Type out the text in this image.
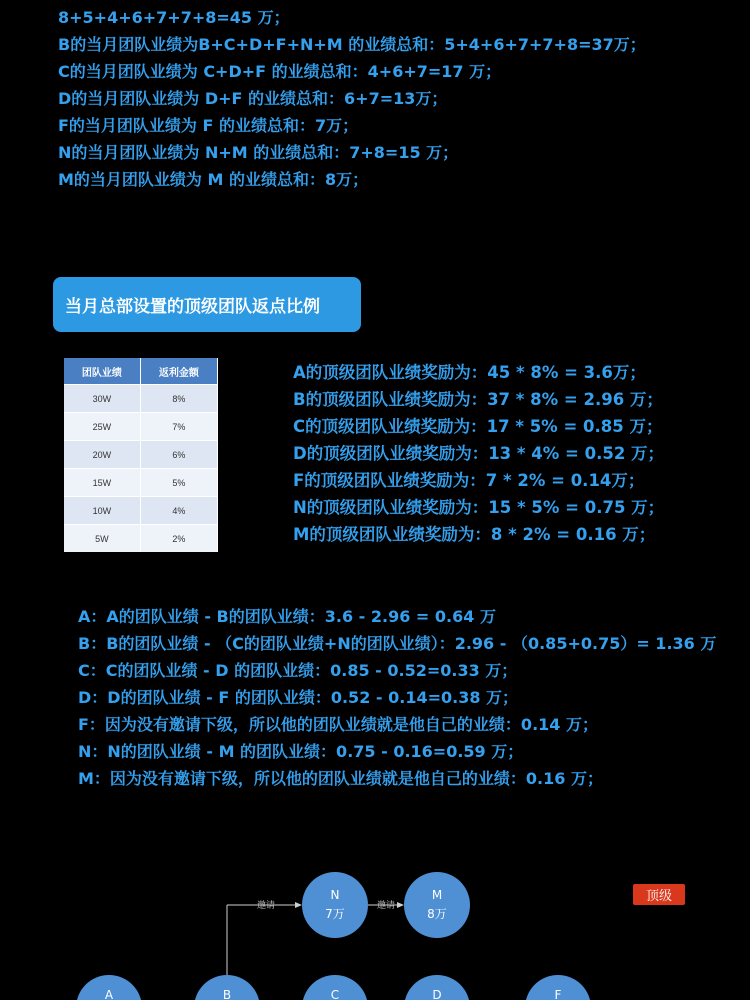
8+5+4+6+7+7+8=45 万；
B的当月团队业绩为B+C+D+F+N+M 的业绩总和：5+4+6+7+7+8=37万；
C的当月团队业绩为 C+D+F 的业绩总和：4+6+7=17 万；
D的当月团队业绩为 D+F 的业绩总和：6+7=13万；
F的当月团队业绩为 F 的业绩总和：7万；
N的当月团队业绩为 N+M 的业绩总和：7+8=15 万；
M的当月团队业绩为 M 的业绩总和：8万；
当月总部设置的顶级团队返点比例
团队业绩	返利金额
30W	8%
25W	7%
20W	6%
15W	5%
10W	4%
5W	2%
A的顶级团队业绩奖励为：45 * 8% = 3.6万；
B的顶级团队业绩奖励为：37 * 8% = 2.96 万；
C的顶级团队业绩奖励为：17 * 5% = 0.85 万；
D的顶级团队业绩奖励为：13 * 4% = 0.52 万；
F的顶级团队业绩奖励为：7 * 2% = 0.14万；
N的顶级团队业绩奖励为：15 * 5% = 0.75 万；
M的顶级团队业绩奖励为：8 * 2% = 0.16 万；
A：A的团队业绩 - B的团队业绩：3.6 - 2.96 = 0.64 万
B：B的团队业绩 - （C的团队业绩+N的团队业绩）：2.96 - （0.85+0.75）= 1.36 万
C：C的团队业绩 - D 的团队业绩：0.85 - 0.52=0.33 万；
D：D的团队业绩 - F 的团队业绩：0.52 - 0.14=0.38 万；
F：因为没有邀请下级，所以他的团队业绩就是他自己的业绩：0.14 万；
N：N的团队业绩 - M 的团队业绩：0.75 - 0.16=0.59 万；
M：因为没有邀请下级，所以他的团队业绩就是他自己的业绩：0.16 万；
邀请	邀请
N
7万
M
8万
A	B	C	D	F
顶级
